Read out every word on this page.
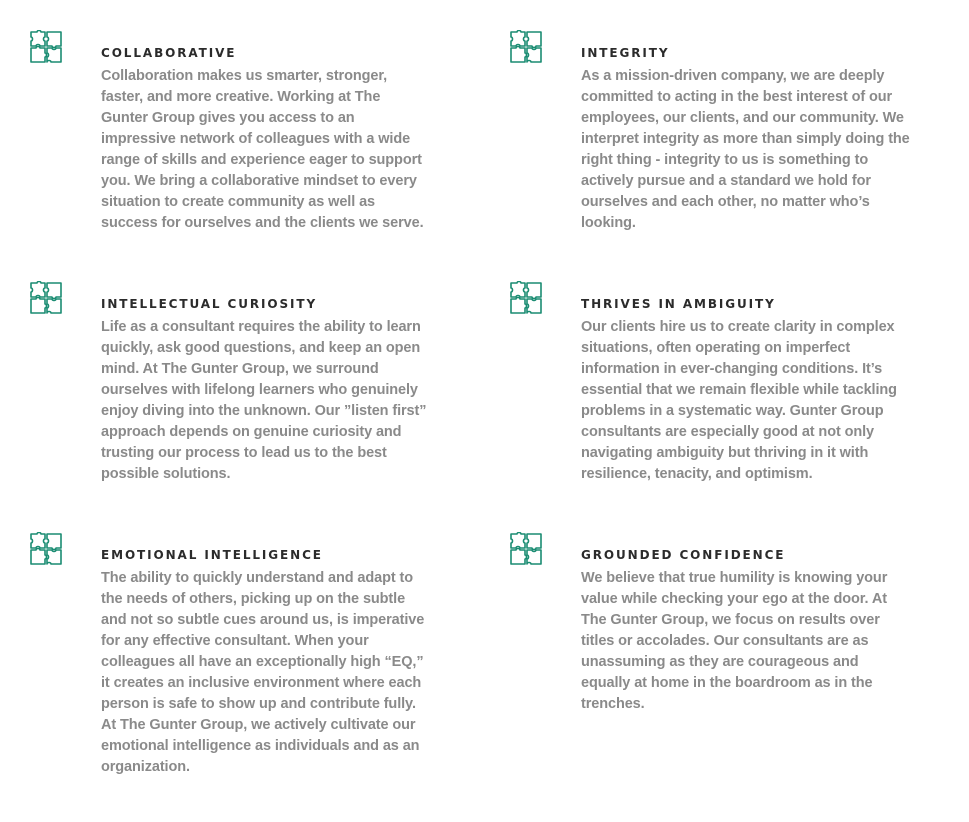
COLLABORATIVE

Collaboration makes us smarter, stronger, faster, and more creative. Working at The Gunter Group gives you access to an impressive network of colleagues with a wide range of skills and experience eager to support you. We bring a collaborative mindset to every situation to create community as well as success for ourselves and the clients we serve.

INTEGRITY

As a mission-driven company, we are deeply committed to acting in the best interest of our employees, our clients, and our community. We interpret integrity as more than simply doing the right thing - integrity to us is something to actively pursue and a standard we hold for ourselves and each other, no matter who’s looking.

INTELLECTUAL CURIOSITY

Life as a consultant requires the ability to learn quickly, ask good questions, and keep an open mind. At The Gunter Group, we surround ourselves with lifelong learners who genuinely enjoy diving into the unknown. Our ”listen first” approach depends on genuine curiosity and trusting our process to lead us to the best possible solutions.

THRIVES IN AMBIGUITY

Our clients hire us to create clarity in complex situations, often operating on imperfect information in ever-changing conditions. It’s essential that we remain flexible while tackling problems in a systematic way. Gunter Group consultants are especially good at not only navigating ambiguity but thriving in it with resilience, tenacity, and optimism.

EMOTIONAL INTELLIGENCE

The ability to quickly understand and adapt to the needs of others, picking up on the subtle and not so subtle cues around us, is imperative for any effective consultant. When your colleagues all have an exceptionally high “EQ,” it creates an inclusive environment where each person is safe to show up and contribute fully. At The Gunter Group, we actively cultivate our emotional intelligence as individuals and as an organization.

GROUNDED CONFIDENCE

We believe that true humility is knowing your value while checking your ego at the door. At The Gunter Group, we focus on results over titles or accolades. Our consultants are as unassuming as they are courageous and equally at home in the boardroom as in the trenches.
